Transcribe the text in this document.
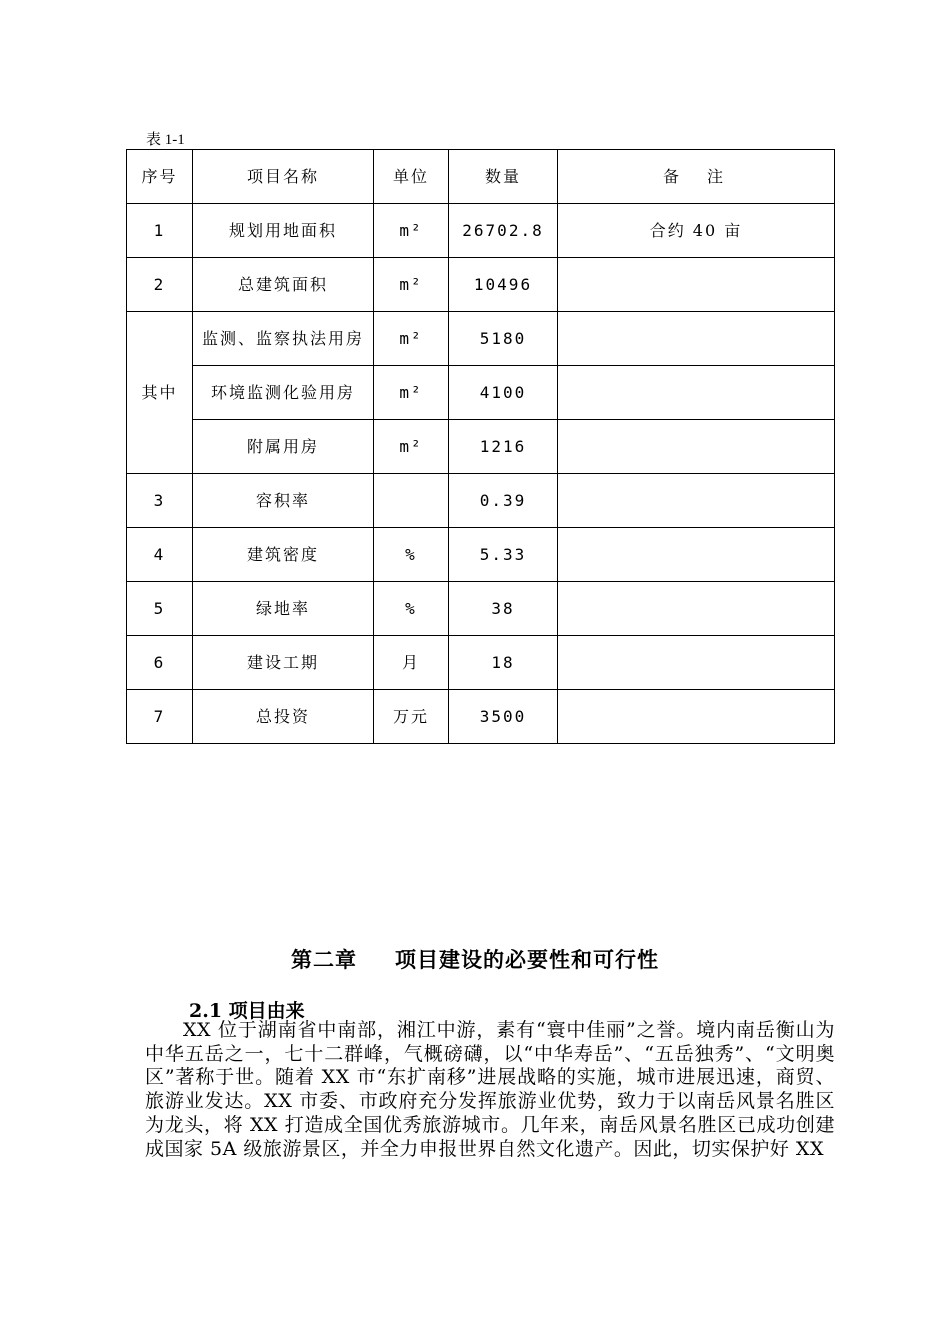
表 1-1
序号	项目名称	单位	数量	备　注
1	规划用地面积	m²	26702.8	合约 40 亩
2	总建筑面积	m²	10496	
其中	监测、监察执法用房	m²	5180	
	环境监测化验用房	m²	4100	
	附属用房	m²	1216	
3	容积率		0.39	
4	建筑密度	%	5.33	
5	绿地率	%	38	
6	建设工期	月	18	
7	总投资	万元	3500	
第二章 项目建设的必要性和可行性
2.1 项目由来

XX 位于湖南省中南部，湘江中游，素有“寰中佳丽”之誉。境内南岳衡山为中华五岳之一，七十二群峰，气概磅礴，以“中华寿岳”、“五岳独秀”、“文明奥区”著称于世。随着 XX 市“东扩南移”进展战略的实施，城市进展迅速，商贸、旅游业发达。XX 市委、市政府充分发挥旅游业优势，致力于以南岳风景名胜区为龙头，将 XX 打造成全国优秀旅游城市。几年来，南岳风景名胜区已成功创建成国家 5A 级旅游景区，并全力申报世界自然文化遗产。因此，切实保护好 XX
